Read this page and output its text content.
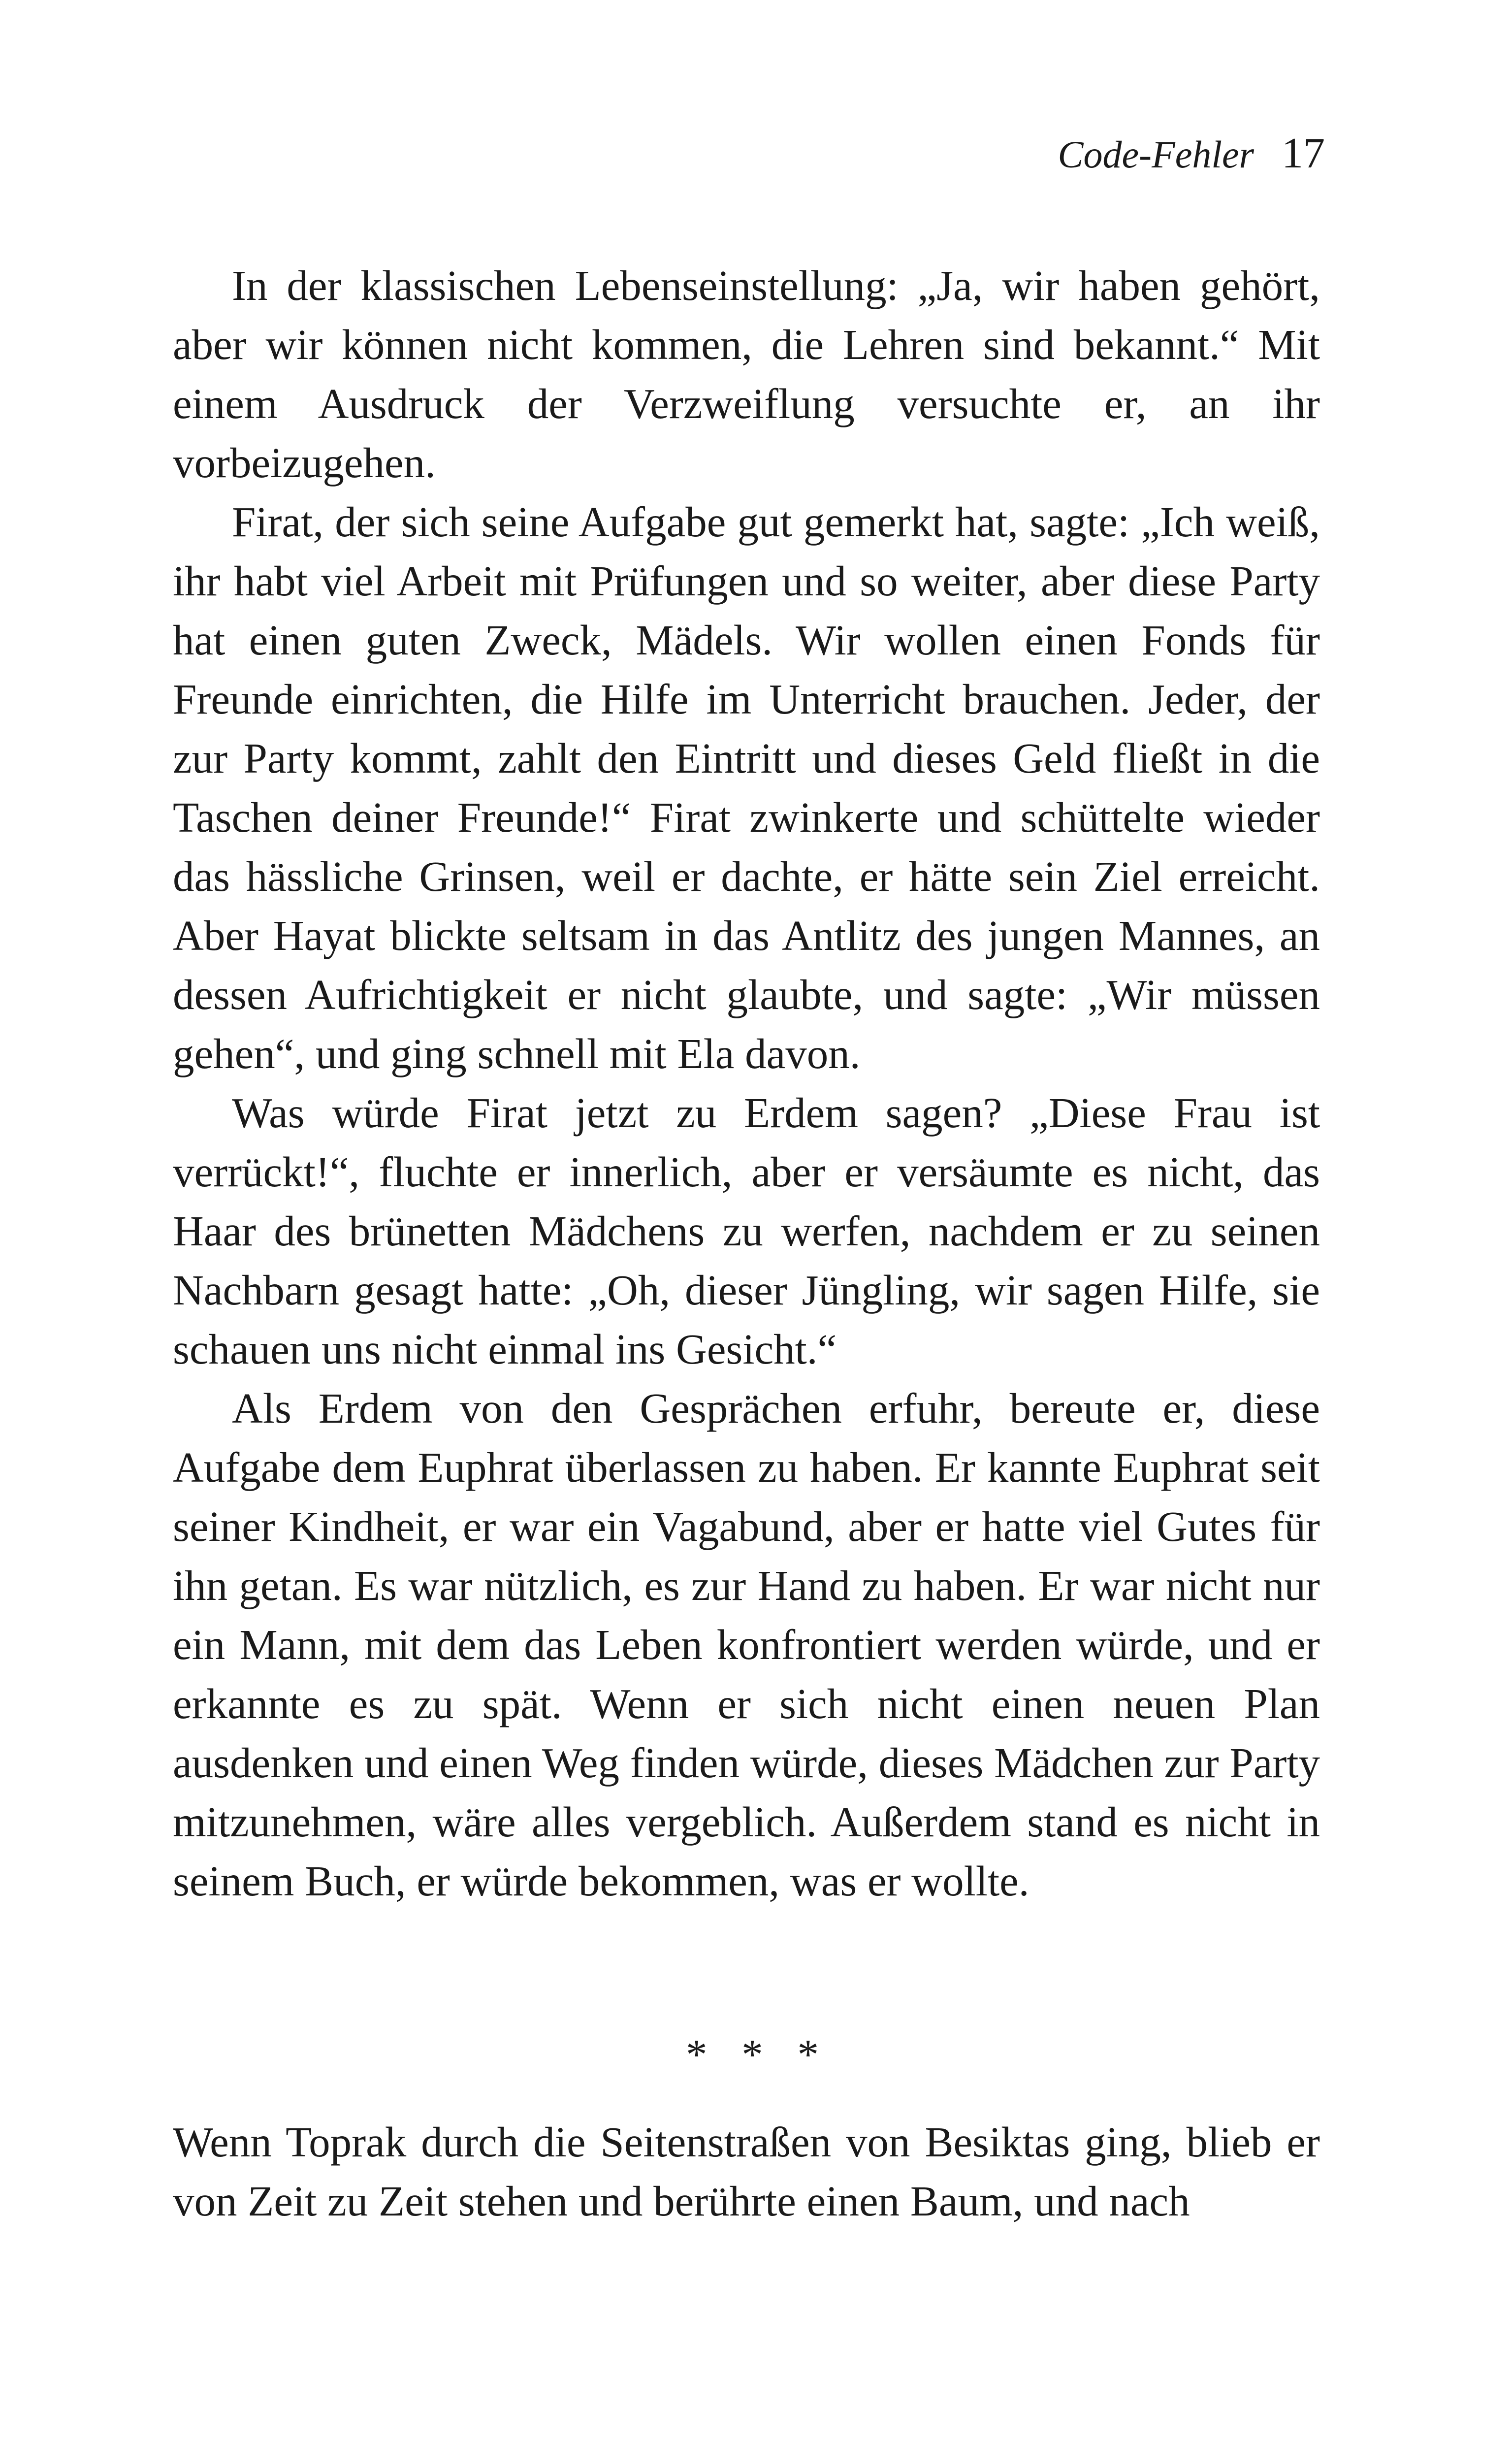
Code-Fehler 17

In der klassischen Lebenseinstellung: „Ja, wir haben gehört, aber wir können nicht kommen, die Lehren sind bekannt.“ Mit einem Ausdruck der Verzweiflung versuchte er, an ihr vorbeizugehen.

Firat, der sich seine Aufgabe gut gemerkt hat, sagte: „Ich weiß, ihr habt viel Arbeit mit Prüfungen und so weiter, aber diese Party hat einen guten Zweck, Mädels. Wir wollen einen Fonds für Freunde einrichten, die Hilfe im Unterricht brauchen. Jeder, der zur Party kommt, zahlt den Eintritt und dieses Geld fließt in die Taschen deiner Freunde!“ Firat zwinkerte und schüttelte wieder das hässliche Grinsen, weil er dachte, er hätte sein Ziel erreicht. Aber Hayat blickte seltsam in das Antlitz des jungen Mannes, an dessen Aufrichtigkeit er nicht glaubte, und sagte: „Wir müssen gehen“, und ging schnell mit Ela davon.

Was würde Firat jetzt zu Erdem sagen? „Diese Frau ist verrückt!“, fluchte er innerlich, aber er versäumte es nicht, das Haar des brünetten Mädchens zu werfen, nachdem er zu seinen Nachbarn gesagt hatte: „Oh, dieser Jüngling, wir sagen Hilfe, sie schauen uns nicht einmal ins Gesicht.“

Als Erdem von den Gesprächen erfuhr, bereute er, diese Aufgabe dem Euphrat überlassen zu haben. Er kannte Euphrat seit seiner Kindheit, er war ein Vagabund, aber er hatte viel Gutes für ihn getan. Es war nützlich, es zur Hand zu haben. Er war nicht nur ein Mann, mit dem das Leben konfrontiert werden würde, und er erkannte es zu spät. Wenn er sich nicht einen neuen Plan ausdenken und einen Weg finden würde, dieses Mädchen zur Party mitzunehmen, wäre alles vergeblich. Außerdem stand es nicht in seinem Buch, er würde bekommen, was er wollte.

* * *

Wenn Toprak durch die Seitenstraßen von Besiktas ging, blieb er von Zeit zu Zeit stehen und berührte einen Baum, und nach
